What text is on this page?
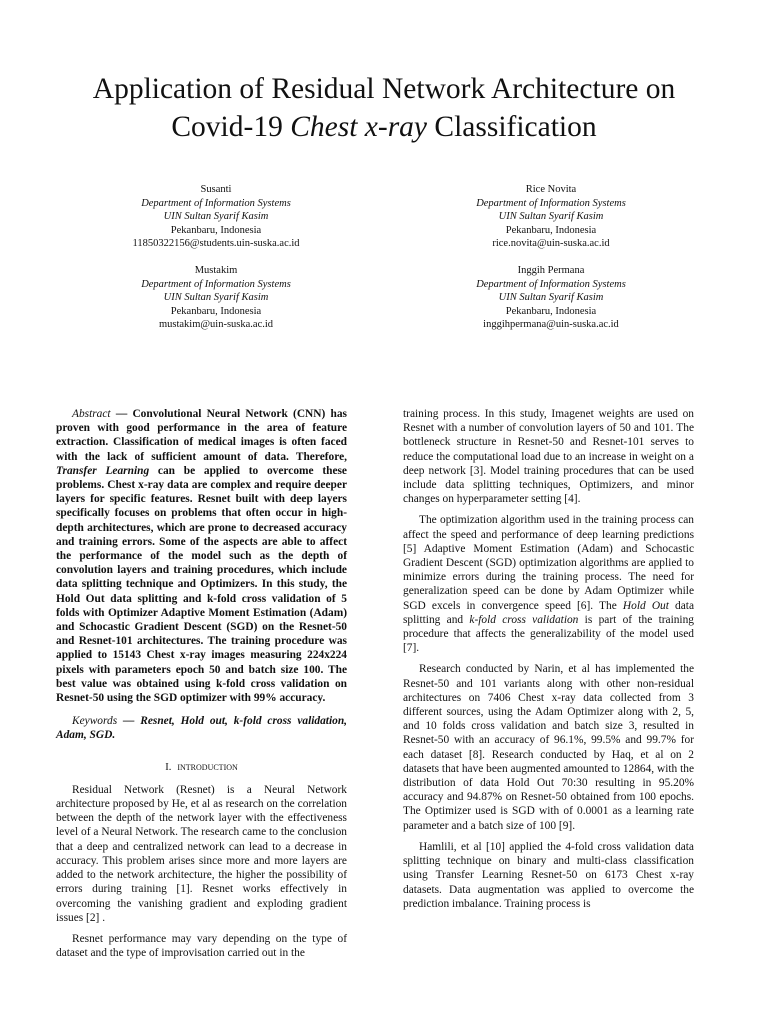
Application of Residual Network Architecture on
Covid-19 Chest x-ray Classification
Susanti
Department of Information Systems
UIN Sultan Syarif Kasim
Pekanbaru, Indonesia
11850322156@students.uin-suska.ac.id
Rice Novita
Department of Information Systems
UIN Sultan Syarif Kasim
Pekanbaru, Indonesia
rice.novita@uin-suska.ac.id
Mustakim
Department of Information Systems
UIN Sultan Syarif Kasim
Pekanbaru, Indonesia
mustakim@uin-suska.ac.id
Inggih Permana
Department of Information Systems
UIN Sultan Syarif Kasim
Pekanbaru, Indonesia
inggihpermana@uin-suska.ac.id

Abstract — Convolutional Neural Network (CNN) has proven with good performance in the area of feature extraction. Classification of medical images is often faced with the lack of sufficient amount of data. Therefore, Transfer Learning can be applied to overcome these problems. Chest x-ray data are complex and require deeper layers for specific features. Resnet built with deep layers specifically focuses on problems that often occur in high-depth architectures, which are prone to decreased accuracy and training errors. Some of the aspects are able to affect the performance of the model such as the depth of convolution layers and training procedures, which include data splitting technique and Optimizers. In this study, the Hold Out data splitting and k-fold cross validation of 5 folds with Optimizer Adaptive Moment Estimation (Adam) and Schocastic Gradient Descent (SGD) on the Resnet-50 and Resnet-101 architectures. The training procedure was applied to 15143 Chest x-ray images measuring 224x224 pixels with parameters epoch 50 and batch size 100. The best value was obtained using k-fold cross validation on Resnet-50 using the SGD optimizer with 99% accuracy.

Keywords — Resnet, Hold out, k-fold cross validation, Adam, SGD.

I. introduction

Residual Network (Resnet) is a Neural Network architecture proposed by He, et al as research on the correlation between the depth of the network layer with the effectiveness level of a Neural Network. The research came to the conclusion that a deep and centralized network can lead to a decrease in accuracy. This problem arises since more and more layers are added to the network architecture, the higher the possibility of errors during training [1]. Resnet works effectively in overcoming the vanishing gradient and exploding gradient issues [2] .

Resnet performance may vary depending on the type of dataset and the type of improvisation carried out in the

training process. In this study, Imagenet weights are used on Resnet with a number of convolution layers of 50 and 101. The bottleneck structure in Resnet-50 and Resnet-101 serves to reduce the computational load due to an increase in weight on a deep network [3]. Model training procedures that can be used include data splitting techniques, Optimizers, and minor changes on hyperparameter setting [4].

The optimization algorithm used in the training process can affect the speed and performance of deep learning predictions [5] Adaptive Moment Estimation (Adam) and Schocastic Gradient Descent (SGD) optimization algorithms are applied to minimize errors during the training process. The need for generalization speed can be done by Adam Optimizer while SGD excels in convergence speed [6]. The Hold Out data splitting and k-fold cross validation is part of the training procedure that affects the generalizability of the model used [7].

Research conducted by Narin, et al has implemented the Resnet-50 and 101 variants along with other non-residual architectures on 7406 Chest x-ray data collected from 3 different sources, using the Adam Optimizer along with 2, 5, and 10 folds cross validation and batch size 3, resulted in Resnet-50 with an accuracy of 96.1%, 99.5% and 99.7% for each dataset [8]. Research conducted by Haq, et al on 2 datasets that have been augmented amounted to 12864, with the distribution of data Hold Out 70:30 resulting in 95.20% accuracy and 94.87% on Resnet-50 obtained from 100 epochs. The Optimizer used is SGD with of 0.0001 as a learning rate parameter and a batch size of 100 [9].

Hamlili, et al [10] applied the 4-fold cross validation data splitting technique on binary and multi-class classification using Transfer Learning Resnet-50 on 6173 Chest x-ray datasets. Data augmentation was applied to overcome the prediction imbalance. Training process is
